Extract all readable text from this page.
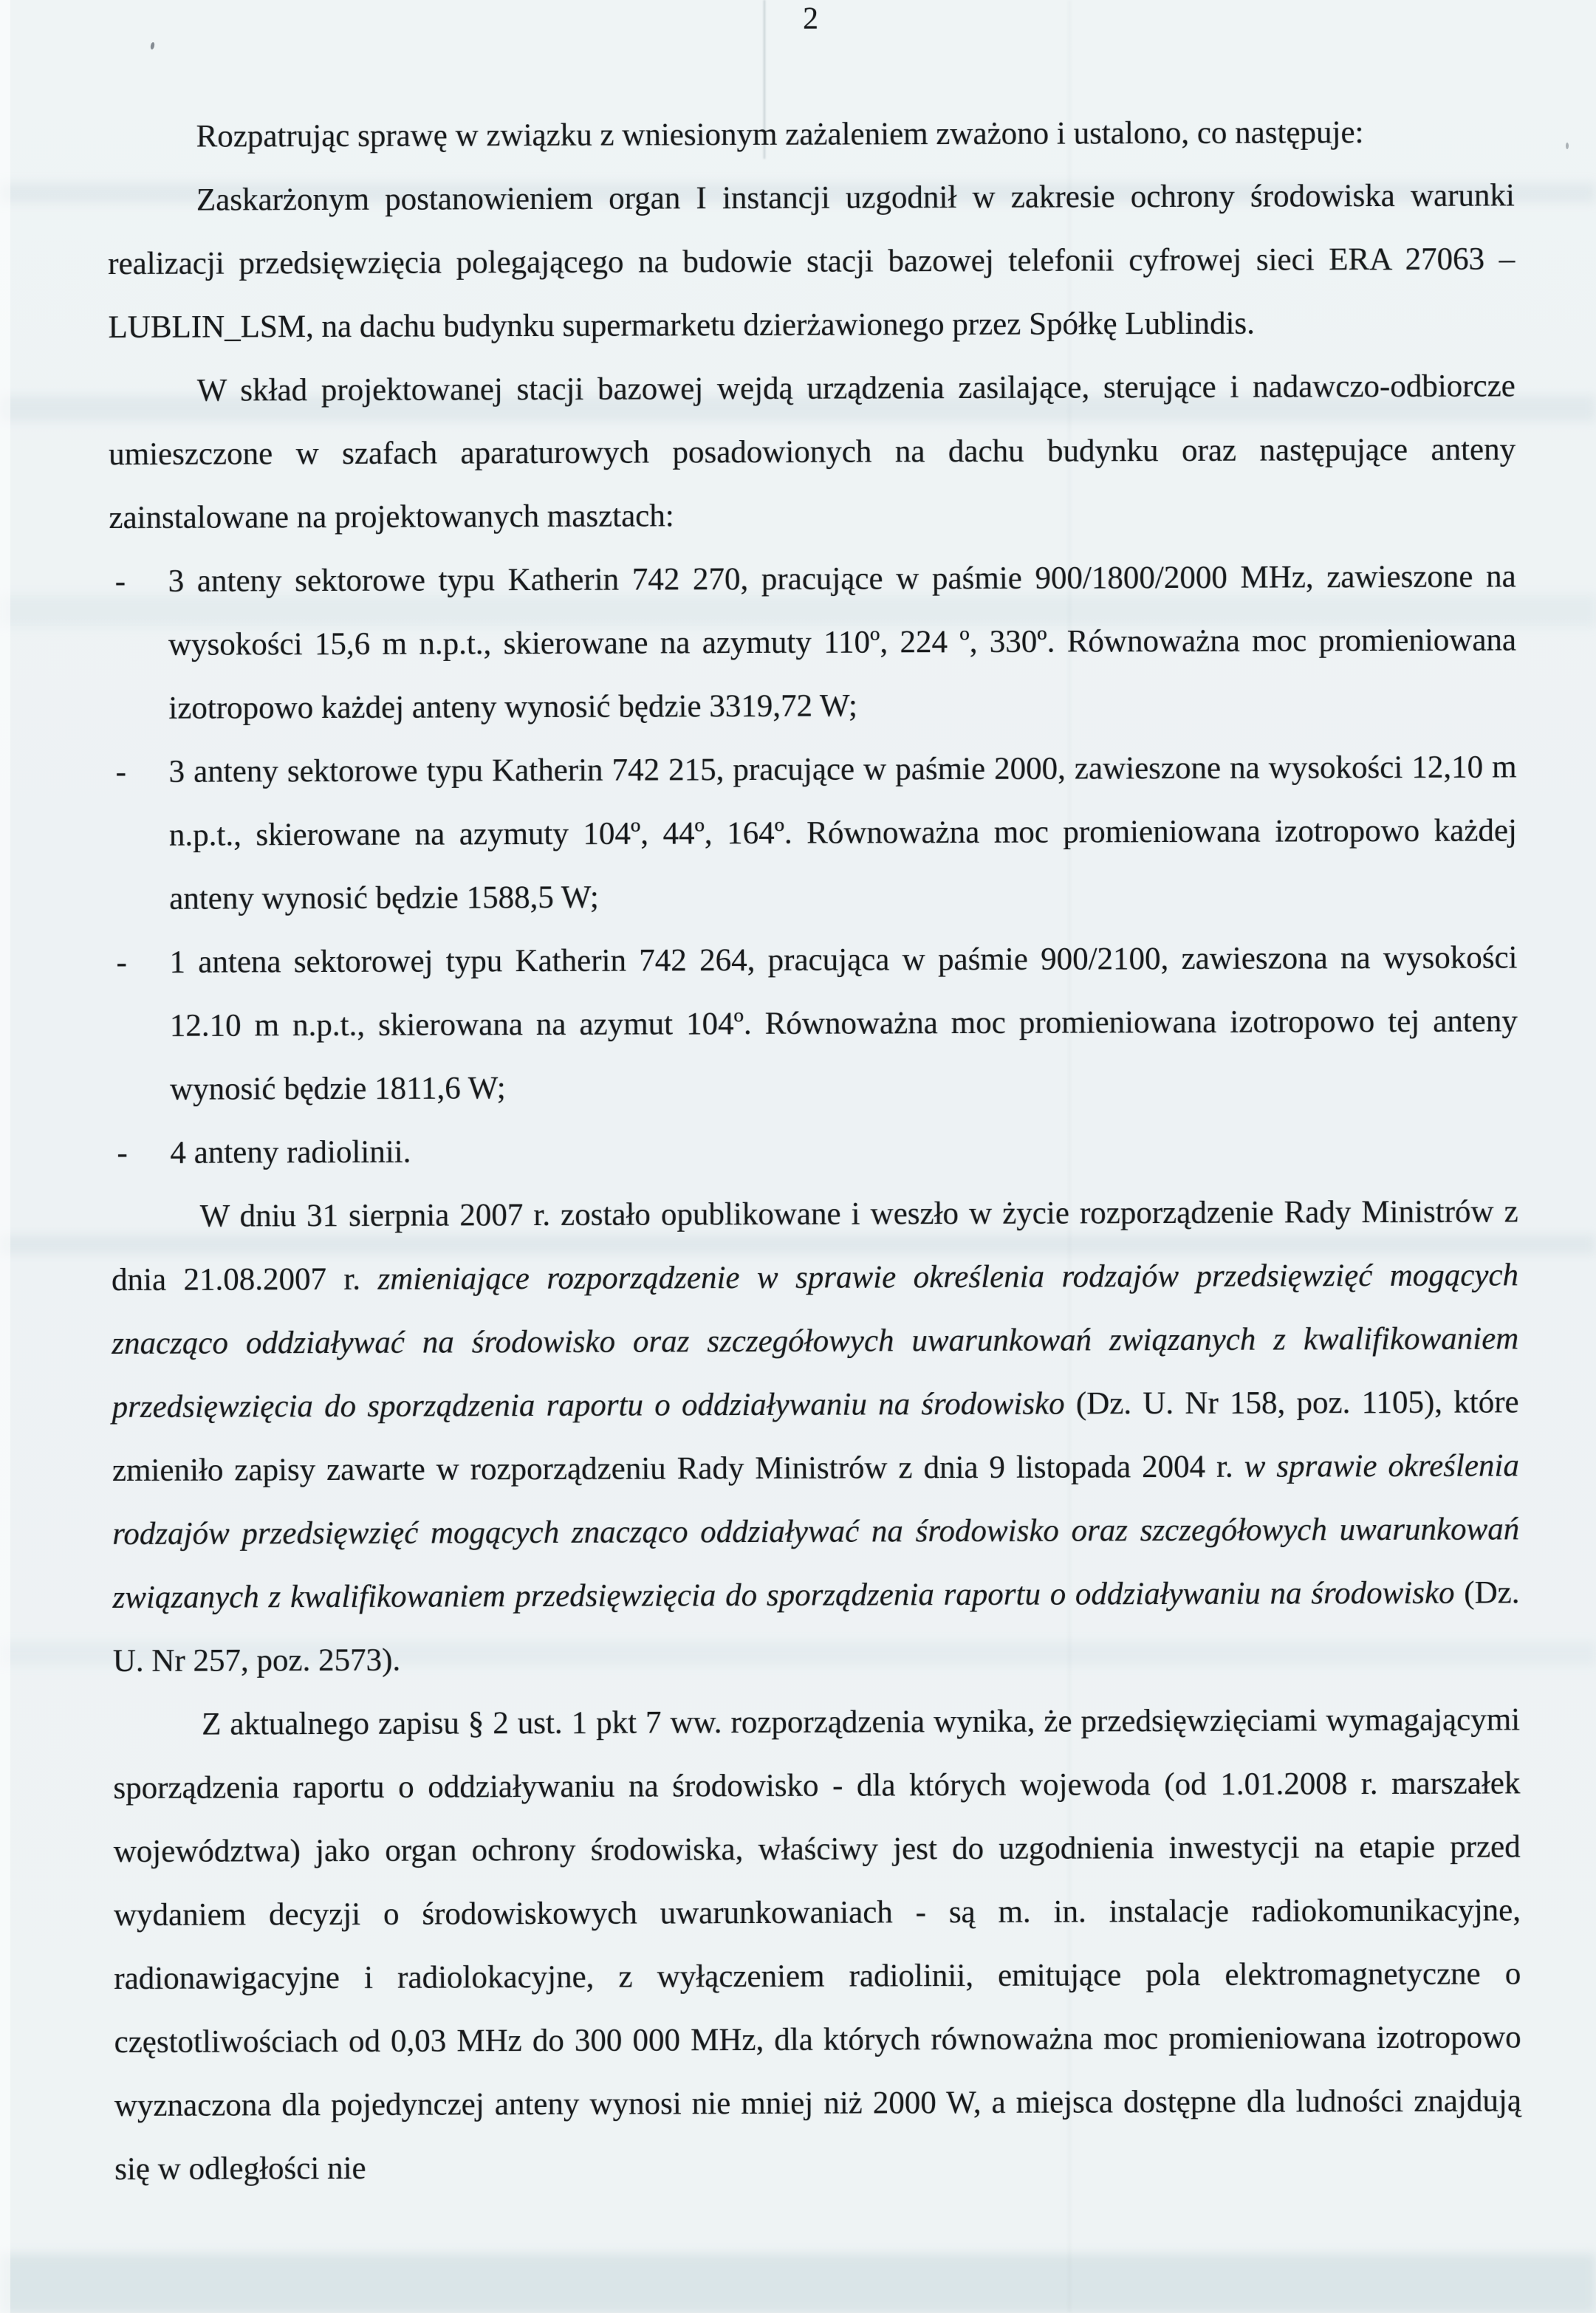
2

Rozpatrując sprawę w związku z wniesionym zażaleniem zważono i ustalono, co następuje:

Zaskarżonym postanowieniem organ I instancji uzgodnił w zakresie ochrony środowiska warunki realizacji przedsięwzięcia polegającego na budowie stacji bazowej telefonii cyfrowej sieci ERA 27063 – LUBLIN_LSM, na dachu budynku supermarketu dzierżawionego przez Spółkę Lublindis.

W skład projektowanej stacji bazowej wejdą urządzenia zasilające, sterujące i nadawczo-odbiorcze umieszczone w szafach aparaturowych posadowionych na dachu budynku oraz następujące anteny zainstalowane na projektowanych masztach:

- 3 anteny sektorowe typu Katherin 742 270, pracujące w paśmie 900/1800/2000 MHz, zawieszone na wysokości 15,6 m n.p.t., skierowane na azymuty 110º, 224 º, 330º. Równoważna moc promieniowana izotropowo każdej anteny wynosić będzie 3319,72 W;
- 3 anteny sektorowe typu Katherin 742 215, pracujące w paśmie 2000, zawieszone na wysokości 12,10 m n.p.t., skierowane na azymuty 104º, 44º, 164º. Równoważna moc promieniowana izotropowo każdej anteny wynosić będzie 1588,5 W;
- 1 antena sektorowej typu Katherin 742 264, pracująca w paśmie 900/2100, zawieszona na wysokości 12.10 m n.p.t., skierowana na azymut 104º. Równoważna moc promieniowana izotropowo tej anteny wynosić będzie 1811,6 W;
- 4 anteny radiolinii.

W dniu 31 sierpnia 2007 r. zostało opublikowane i weszło w życie rozporządzenie Rady Ministrów z dnia 21.08.2007 r. zmieniające rozporządzenie w sprawie określenia rodzajów przedsięwzięć mogących znacząco oddziaływać na środowisko oraz szczegółowych uwarunkowań związanych z kwalifikowaniem przedsięwzięcia do sporządzenia raportu o oddziaływaniu na środowisko (Dz. U. Nr 158, poz. 1105), które zmieniło zapisy zawarte w rozporządzeniu Rady Ministrów z dnia 9 listopada 2004 r. w sprawie określenia rodzajów przedsięwzięć mogących znacząco oddziaływać na środowisko oraz szczegółowych uwarunkowań związanych z kwalifikowaniem przedsięwzięcia do sporządzenia raportu o oddziaływaniu na środowisko (Dz. U. Nr 257, poz. 2573).

Z aktualnego zapisu § 2 ust. 1 pkt 7 ww. rozporządzenia wynika, że przedsięwzięciami wymagającymi sporządzenia raportu o oddziaływaniu na środowisko - dla których wojewoda (od 1.01.2008 r. marszałek województwa) jako organ ochrony środowiska, właściwy jest do uzgodnienia inwestycji na etapie przed wydaniem decyzji o środowiskowych uwarunkowaniach - są m. in. instalacje radiokomunikacyjne, radionawigacyjne i radiolokacyjne, z wyłączeniem radiolinii, emitujące pola elektromagnetyczne o częstotliwościach od 0,03 MHz do 300 000 MHz, dla których równoważna moc promieniowana izotropowo wyznaczona dla pojedynczej anteny wynosi nie mniej niż 2000 W, a miejsca dostępne dla ludności znajdują się w odległości nie
